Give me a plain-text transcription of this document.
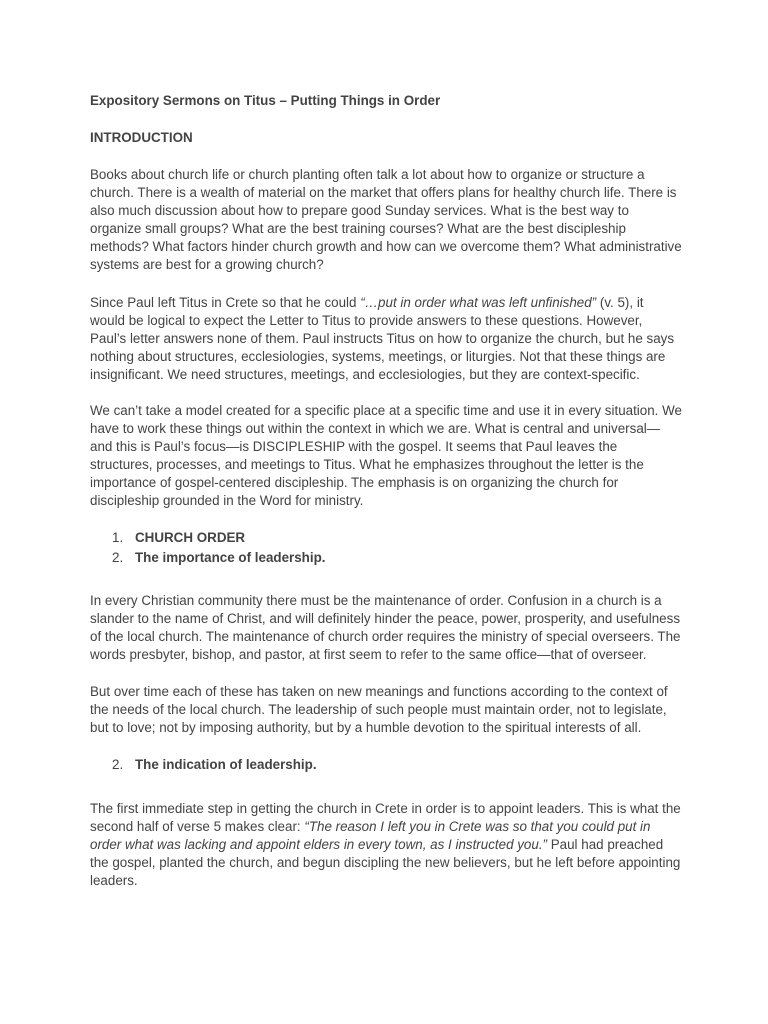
Expository Sermons on Titus – Putting Things in Order
INTRODUCTION

Books about church life or church planting often talk a lot about how to organize or structure a church. There is a wealth of material on the market that offers plans for healthy church life. There is also much discussion about how to prepare good Sunday services. What is the best way to organize small groups? What are the best training courses? What are the best discipleship methods? What factors hinder church growth and how can we overcome them? What administrative systems are best for a growing church?

Since Paul left Titus in Crete so that he could “…put in order what was left unfinished” (v. 5), it would be logical to expect the Letter to Titus to provide answers to these questions. However, Paul’s letter answers none of them. Paul instructs Titus on how to organize the church, but he says nothing about structures, ecclesiologies, systems, meetings, or liturgies. Not that these things are insignificant. We need structures, meetings, and ecclesiologies, but they are context-specific.

We can’t take a model created for a specific place at a specific time and use it in every situation. We have to work these things out within the context in which we are. What is central and universal—and this is Paul’s focus—is DISCIPLESHIP with the gospel. It seems that Paul leaves the structures, processes, and meetings to Titus. What he emphasizes throughout the letter is the importance of gospel-centered discipleship. The emphasis is on organizing the church for discipleship grounded in the Word for ministry.

1. CHURCH ORDER
2. The importance of leadership.

In every Christian community there must be the maintenance of order. Confusion in a church is a slander to the name of Christ, and will definitely hinder the peace, power, prosperity, and usefulness of the local church. The maintenance of church order requires the ministry of special overseers. The words presbyter, bishop, and pastor, at first seem to refer to the same office—that of overseer.

But over time each of these has taken on new meanings and functions according to the context of the needs of the local church. The leadership of such people must maintain order, not to legislate, but to love; not by imposing authority, but by a humble devotion to the spiritual interests of all.

2. The indication of leadership.

The first immediate step in getting the church in Crete in order is to appoint leaders. This is what the second half of verse 5 makes clear: “The reason I left you in Crete was so that you could put in order what was lacking and appoint elders in every town, as I instructed you.” Paul had preached the gospel, planted the church, and begun discipling the new believers, but he left before appointing leaders.
